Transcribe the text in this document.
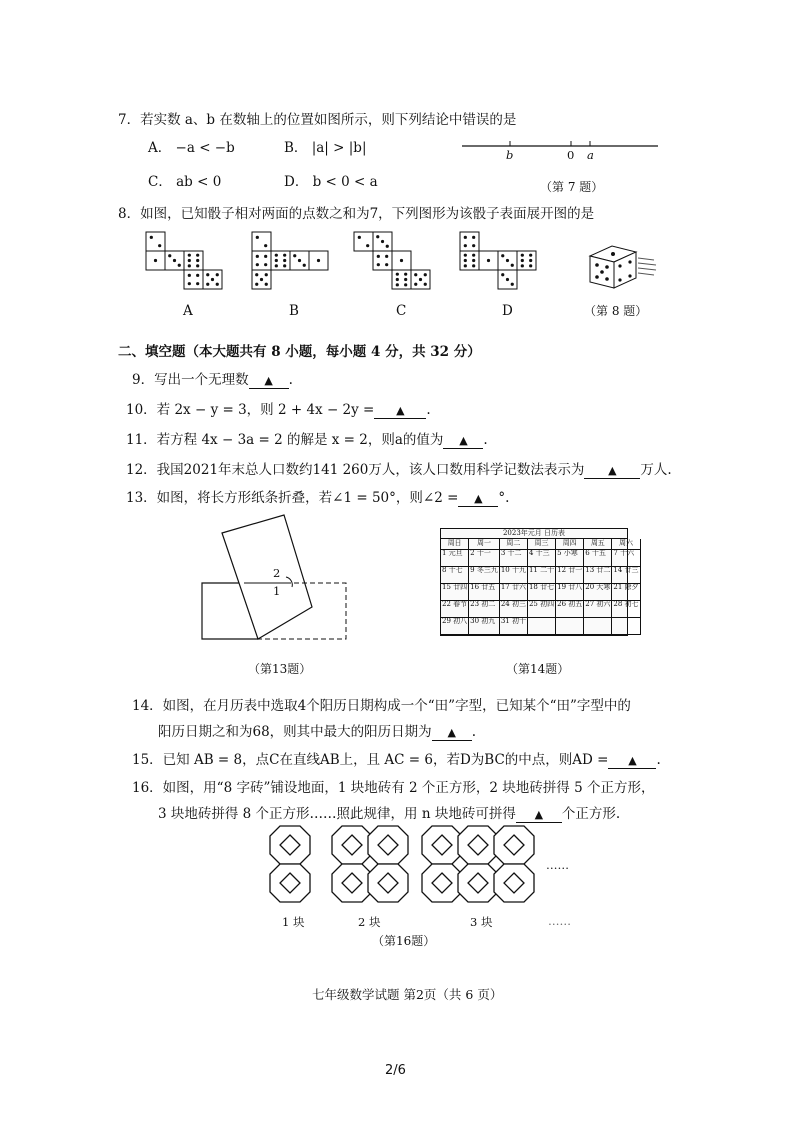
7．若实数 a、b 在数轴上的位置如图所示，则下列结论中错误的是
A． −a < −b	B． |a| > |b|
C． ab < 0	D． b < 0 < a
b	0 a
（第 7 题）
8．如图，已知骰子相对两面的点数之和为7，下列图形为该骰子表面展开图的是
A	B	C	D	（第 8 题）
二、填空题（本大题共有 8 小题，每小题 4 分，共 32 分）
9．写出一个无理数 ▲ .
10．若 2x − y = 3，则 2 + 4x − 2y = ▲ .
11．若方程 4x − 3a = 2 的解是 x = 2，则a的值为 ▲ .
12．我国2021年末总人口数约141 260万人，该人口数用科学记数法表示为 ▲ 万人.
13．如图，将长方形纸条折叠，若∠1 = 50°，则∠2 = ▲ °.
2
1
（第13题）
2023年元月 日历表
周日	周一	周二	周三	周四	周五	周六
1 元旦	2 十一	3 十二	4 十三	5 小寒	6 十五	7 十六
8 十七	9 冬三九 10 十九 11 二十 12 廿一 13 廿二 14 廿三
15 廿四 16 廿五 17 廿六 18 廿七 19 廿八 20 大寒 21 除夕
22 春节 23 初二 24 初三 25 初四 26 初五 27 初六 28 初七
29 初八 30 初九 31 初十
（第14题）
14．如图，在月历表中选取4个阳历日期构成一个“田”字型，已知某个“田”字型中的
阳历日期之和为68，则其中最大的阳历日期为 ▲ .
15．已知 AB = 8，点C在直线AB上，且 AC = 6，若D为BC的中点，则AD = ▲ .
16．如图，用“8 字砖”铺设地面，1 块地砖有 2 个正方形，2 块地砖拼得 5 个正方形，
3 块地砖拼得 8 个正方形……照此规律，用 n 块地砖可拼得 ▲ 个正方形.
……
1 块	2 块	3 块	……
（第16题）
七年级数学试题 第2页（共 6 页）
2/6
